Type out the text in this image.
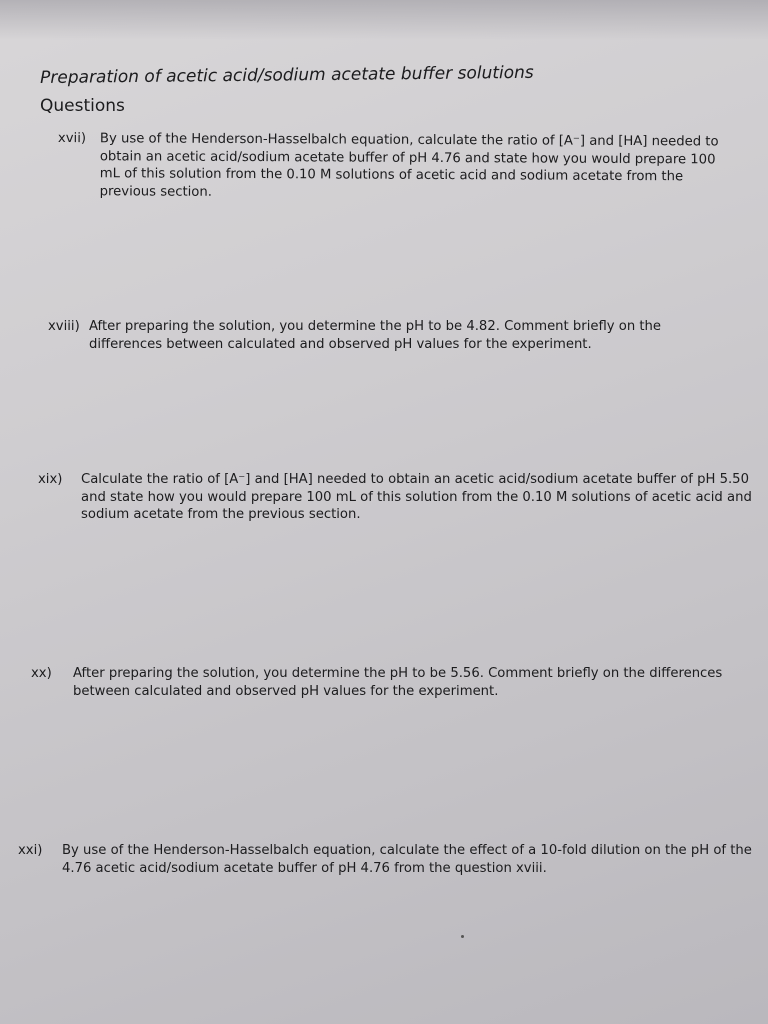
Preparation of acetic acid/sodium acetate buffer solutions
Questions
xvii) By use of the Henderson-Hasselbalch equation, calculate the ratio of [A⁻] and [HA] needed to obtain an acetic acid/sodium acetate buffer of pH 4.76 and state how you would prepare 100 mL of this solution from the 0.10 M solutions of acetic acid and sodium acetate from the previous section.
xviii) After preparing the solution, you determine the pH to be 4.82. Comment briefly on the differences between calculated and observed pH values for the experiment.
xix) Calculate the ratio of [A⁻] and [HA] needed to obtain an acetic acid/sodium acetate buffer of pH 5.50 and state how you would prepare 100 mL of this solution from the 0.10 M solutions of acetic acid and sodium acetate from the previous section.
xx) After preparing the solution, you determine the pH to be 5.56. Comment briefly on the differences between calculated and observed pH values for the experiment.
xxi) By use of the Henderson-Hasselbalch equation, calculate the effect of a 10-fold dilution on the pH of the 4.76 acetic acid/sodium acetate buffer of pH 4.76 from the question xviii.
